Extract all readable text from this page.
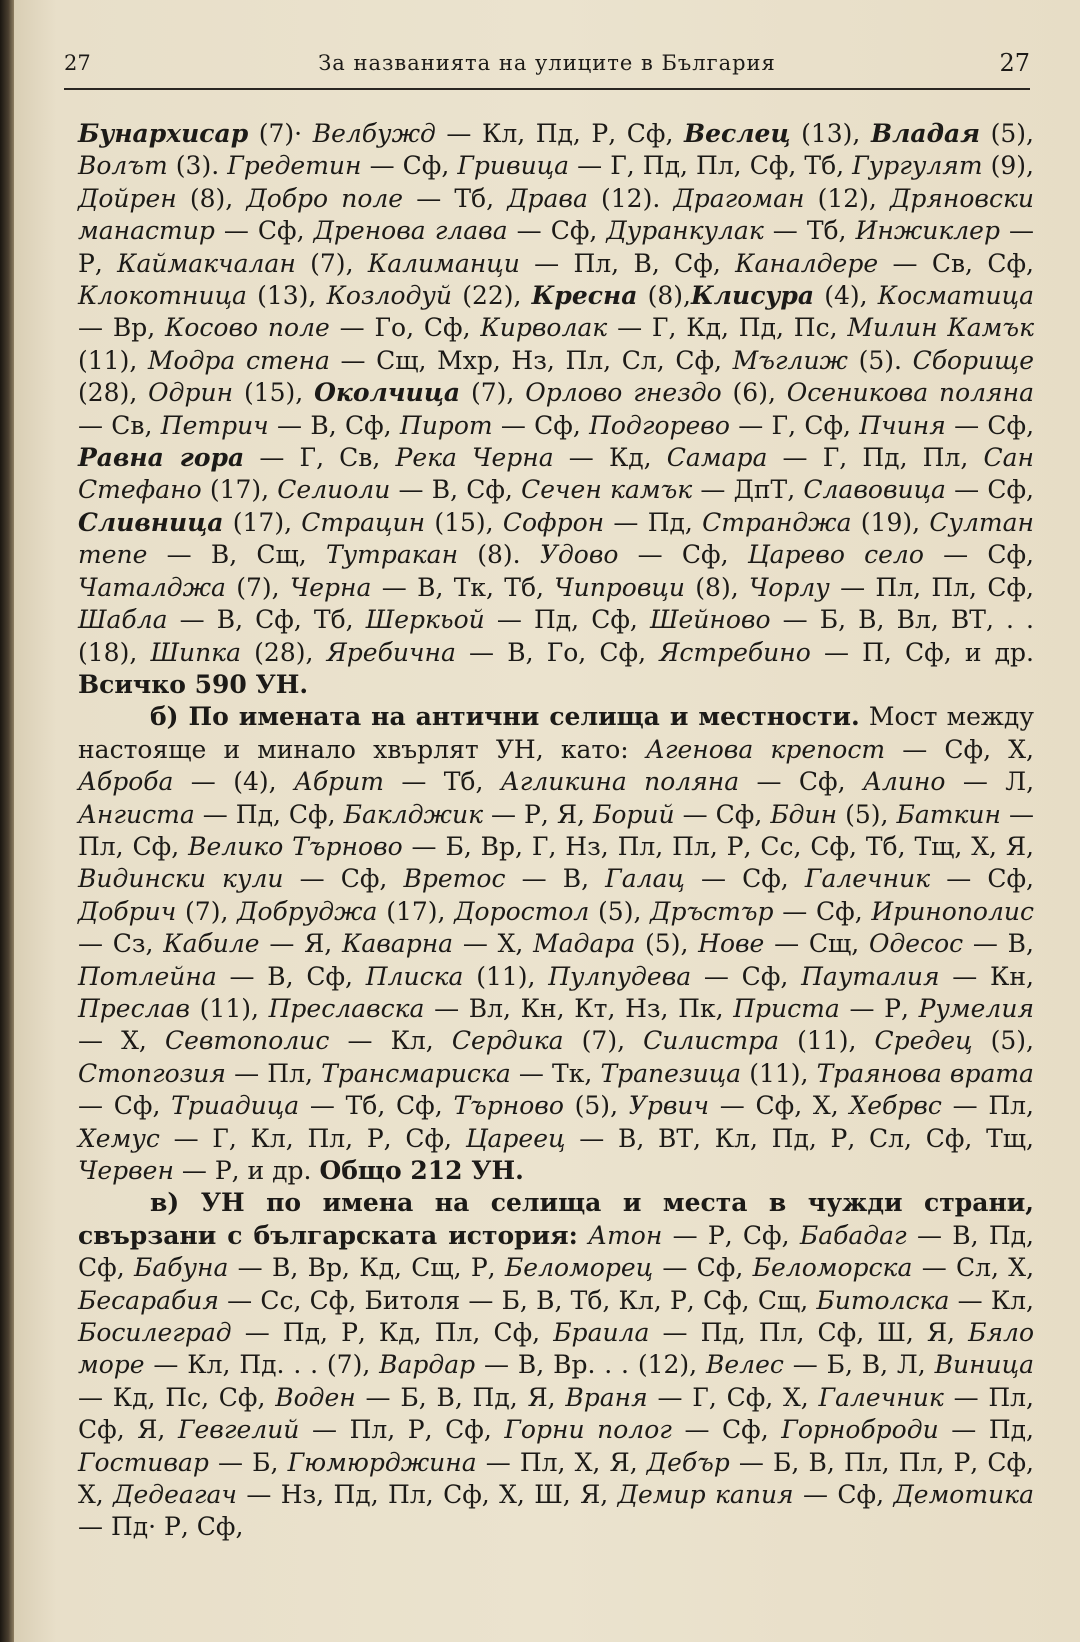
27	За названията на улиците в България	27

Бунархисар (7)· Велбужд — Кл, Пд, Р, Сф, Веслец (13), Владая (5), Волът (3). Гредетин — Сф, Гривица — Г, Пд, Пл, Сф, Тб, Гургулят (9), Дойрен (8), Добро поле — Тб, Драва (12). Драгоман (12), Дряновски манастир — Сф, Дренова глава — Сф, Дуранкулак — Тб, Инжиклер — Р, Каймакчалан (7), Калиманци — Пл, В, Сф, Каналдере — Св, Сф, Клокотница (13), Козлодуй (22), Кресна (8),Клисура (4), Косматица — Вр, Косово поле — Го, Сф, Кирволак — Г, Кд, Пд, Пс, Милин Камък (11), Модра стена — Сщ, Мхр, Нз, Пл, Сл, Сф, Мъглиж (5). Сборище (28), Одрин (15), Околчица (7), Орлово гнездо (6), Осеникова поляна — Св, Петрич — В, Сф, Пирот — Сф, Подгорево — Г, Сф, Пчиня — Сф, Равна гора — Г, Св, Река Черна — Кд, Самара — Г, Пд, Пл, Сан Стефано (17), Селиоли — В, Сф, Сечен камък — ДпТ, Славовица — Сф, Сливница (17), Страцин (15), Софрон — Пд, Странджа (19), Султан тепе — В, Сщ, Тутракан (8). Удово — Сф, Царево село — Сф, Чаталджа (7), Черна — В, Тк, Тб, Чипровци (8), Чорлу — Пл, Пл, Сф, Шабла — В, Сф, Тб, Шеркьой — Пд, Сф, Шейново — Б, В, Вл, ВТ, . . (18), Шипка (28), Яребична — В, Го, Сф, Ястребино — П, Сф, и др. Всичко 590 УН.

б) По имената на антични селища и местности. Мост между настояще и минало хвърлят УН, като: Агенова крепост — Сф, Х, Аброба — (4), Абрит — Тб, Агликина поляна — Сф, Алино — Л, Ангиста — Пд, Сф, Баклджик — Р, Я, Борий — Сф, Бдин (5), Баткин — Пл, Сф, Велико Търново — Б, Вр, Г, Нз, Пл, Пл, Р, Сс, Сф, Тб, Тщ, Х, Я, Видински кули — Сф, Вретос — В, Галац — Сф, Галечник — Сф, Добрич (7), Добруджа (17), Доростол (5), Дръстър — Сф, Иринополис — Сз, Кабиле — Я, Каварна — Х, Мадара (5), Нове — Сщ, Одесос — В, Потлейна — В, Сф, Плиска (11), Пулпудева — Сф, Пауталия — Кн, Преслав (11), Преславска — Вл, Кн, Кт, Нз, Пк, Приста — Р, Румелия — Х, Севтополис — Кл, Сердика (7), Силистра (11), Средец (5), Стопгозия — Пл, Трансмариска — Тк, Трапезица (11), Траянова врата — Сф, Триадица — Тб, Сф, Търново (5), Урвич — Сф, Х, Хебрвс — Пл, Хемус — Г, Кл, Пл, Р, Сф, Цареец — В, ВТ, Кл, Пд, Р, Сл, Сф, Тщ, Червен — Р, и др. Общо 212 УН.

в) УН по имена на селища и места в чужди страни, свързани с българската история: Атон — Р, Сф, Бабадаг — В, Пд, Сф, Бабуна — В, Вр, Кд, Сщ, Р, Беломорец — Сф, Беломорска — Сл, Х, Бесарабия — Сс, Сф, Битоля — Б, В, Тб, Кл, Р, Сф, Сщ, Битолска — Кл, Босилеград — Пд, Р, Кд, Пл, Сф, Браила — Пд, Пл, Сф, Ш, Я, Бяло море — Кл, Пд. . . (7), Вардар — В, Вр. . . (12), Велес — Б, В, Л, Виница — Кд, Пс, Сф, Воден — Б, В, Пд, Я, Враня — Г, Сф, Х, Галечник — Пл, Сф, Я, Гевгелий — Пл, Р, Сф, Горни полог — Сф, Горноброди — Пд, Гостивар — Б, Гюмюрджина — Пл, Х, Я, Дебър — Б, В, Пл, Пл, Р, Сф, Х, Дедеагач — Нз, Пд, Пл, Сф, Х, Ш, Я, Демир капия — Сф, Демотика — Пд· Р, Сф,
